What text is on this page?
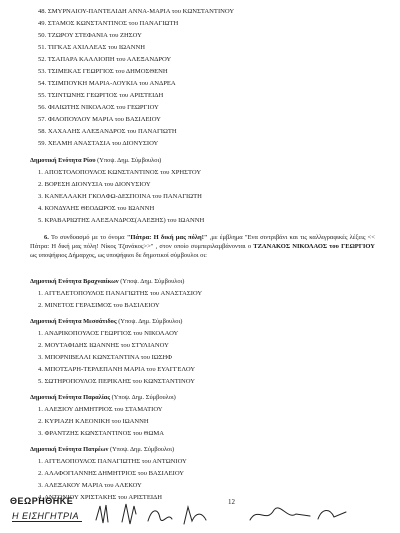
48. ΣΜΥΡΝΑΙΟΥ-ΠΑΝΤΕΛΙΔΗ ΑΝΝΑ-ΜΑΡΙΑ του ΚΩΝΣΤΑΝΤΙΝΟΥ
49. ΣΤΑΜΟΣ ΚΩΝΣΤΑΝΤΙΝΟΣ του ΠΑΝΑΓΙΩΤΗ
50. ΤΖΩΡΟΥ ΣΤΕΦΑΝΙΑ του ΖΗΣΟΥ
51. ΤΙΓΚΑΣ ΑΧΙΛΛΕΑΣ του ΙΩΑΝΝΗ
52. ΤΣΑΠΑΡΑ ΚΑΛΛΙΟΠΗ του ΑΛΕΞΑΝΔΡΟΥ
53. ΤΣΙΜΕΚΑΣ ΓΕΩΡΓΙΟΣ του ΔΗΜΟΣΘΕΝΗ
54. ΤΣΙΜΠΟΥΚΗ ΜΑΡΙΑ-ΛΟΥΚΙΑ του ΑΝΔΡΕΑ
55. ΤΣΙΝΤΩΝΗΣ ΓΕΩΡΓΙΟΣ του ΑΡΙΣΤΕΙΔΗ
56. ΦΙΛΙΩΤΗΣ ΝΙΚΟΛΑΟΣ του ΓΕΩΡΓΙΟΥ
57. ΦΙΛΟΠΟΥΛΟΥ ΜΑΡΙΑ του ΒΑΣΙΛΕΙΟΥ
58. ΧΑΧΑΛΗΣ ΑΛΕΞΑΝΔΡΟΣ του ΠΑΝΑΓΙΩΤΗ
59. ΧΕΛΜΗ ΑΝΑΣΤΑΣΙΑ του ΔΙΟΝΥΣΙΟΥ
Δημοτική Ενότητα Ρίου (Υποψ. Δημ. Σύμβουλοι)
1. ΑΠΟΣΤΟΛΟΠΟΥΛΟΣ ΚΩΝΣΤΑΝΤΙΝΟΣ του ΧΡΗΣΤΟΥ
2. ΒΟΡΕΣΗ ΔΙΟΝΥΣΙΑ του ΔΙΟΝΥΣΙΟΥ
3. ΚΑΝΕΛΛΑΚΗ ΓΚΟΛΦΩ-ΔΕΣΠΟΙΝΑ του ΠΑΝΑΓΙΩΤΗ
4. ΚΟΝΔΥΛΗΣ ΘΕΟΔΩΡΟΣ του ΙΩΑΝΝΗ
5. ΚΡΑΒΑΡΙΩΤΗΣ ΑΛΕΞΑΝΔΡΟΣ(ΑΛΕΞΗΣ) του ΙΩΑΝΝΗ
6. Το συνδυασμό με το όνομα "Πάτρα: Η δική μας πόλη!" ,με έμβλημα "Ενα σιντριβάνι και τις καλλιγραφικές λέξεις << Πάτρα: Η δική μας πόλη! Νίκος Τζανάκος>>" , στον οποίο συμπεριλαμβάνονται ο ΤΖΑΝΑΚΟΣ ΝΙΚΟΛΑΟΣ του ΓΕΩΡΓΙΟΥ ως υποψήφιος Δήμαρχος, ως υποψήφιοι δε δημοτικοί σύμβουλοι οι:
Δημοτική Ενότητα Βραχναιίκων (Υποψ. Δημ. Σύμβουλοι)
1. ΑΓΓΕΛΕΤΟΠΟΥΛΟΣ ΠΑΝΑΓΙΩΤΗΣ του ΑΝΑΣΤΑΣΙΟΥ
2. ΜΙΝΕΤΟΣ ΓΕΡΑΣΙΜΟΣ του ΒΑΣΙΛΕΙΟΥ
Δημοτική Ενότητα Μεσσάτιδος (Υποψ. Δημ. Σύμβουλοι)
1. ΑΝΔΡΙΚΟΠΟΥΛΟΣ ΓΕΩΡΓΙΟΣ του ΝΙΚΟΛΑΟΥ
2. ΜΟΥΤΑΦΙΔΗΣ ΙΩΑΝΝΗΣ του ΣΤΥΛΙΑΝΟΥ
3. ΜΠΟΡΝΙΒΕΛΛΙ ΚΩΝΣΤΑΝΤΙΝΑ του ΙΩΣΗΦ
4. ΜΠΟΤΣΑΡΗ-ΤΕΡΛΕΠΑΝΗ ΜΑΡΙΑ του ΕΥΑΓΓΕΛΟΥ
5. ΣΩΤΗΡΟΠΟΥΛΟΣ ΠΕΡΙΚΛΗΣ του ΚΩΝΣΤΑΝΤΙΝΟΥ
Δημοτική Ενότητα Παραλίας (Υποψ. Δημ. Σύμβουλοι)
1. ΑΛΕΞΙΟΥ ΔΗΜΗΤΡΙΟΣ του ΣΤΑΜΑΤΙΟΥ
2. ΚΥΡΙΑΖΗ ΚΛΕΟΝΙΚΗ του ΙΩΑΝΝΗ
3. ΦΡΑΝΤΖΗΣ ΚΩΝΣΤΑΝΤΙΝΟΣ του ΘΩΜΑ
Δημοτική Ενότητα Πατρέων (Υποψ. Δημ. Σύμβουλοι)
1. ΑΓΓΕΛΟΠΟΥΛΟΣ ΠΑΝΑΓΙΩΤΗΣ του ΑΝΤΩΝΙΟΥ
2. ΑΛΑΦΟΓΙΑΝΝΗΣ ΔΗΜΗΤΡΙΟΣ του ΒΑΣΙΛΕΙΟΥ
3. ΑΛΕΞΑΚΟΥ ΜΑΡΙΑ του ΑΛΕΚΟΥ
4. ΑΝΤΩΝΙΟΥ ΧΡΙΣΤΑΚΗΣ του ΑΡΙΣΤΕΙΔΗ
ΘΕΩΡΗΘΗΚΕ
Η ΕΙΣΗΓΗΤΡΙΑ
12
